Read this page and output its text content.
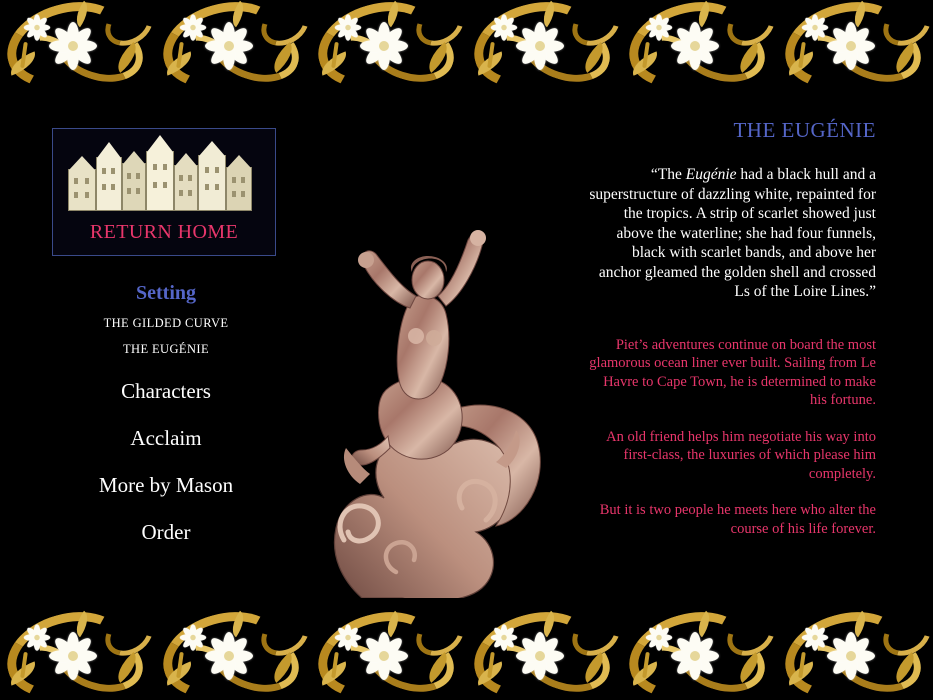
RETURN HOME
Setting
THE GILDED CURVE
THE EUGÉNIE
Characters
Acclaim
More by Mason
Order
THE EUGÉNIE
“The Eugénie had a black hull and a superstructure of dazzling white, repainted for the tropics. A strip of scarlet showed just above the waterline; she had four funnels, black with scarlet bands, and above her anchor gleamed the golden shell and crossed Ls of the Loire Lines.”
Piet’s adventures continue on board the most glamorous ocean liner ever built. Sailing from Le Havre to Cape Town, he is determined to make his fortune.
An old friend helps him negotiate his way into first-class, the luxuries of which please him completely.
But it is two people he meets here who alter the course of his life forever.
